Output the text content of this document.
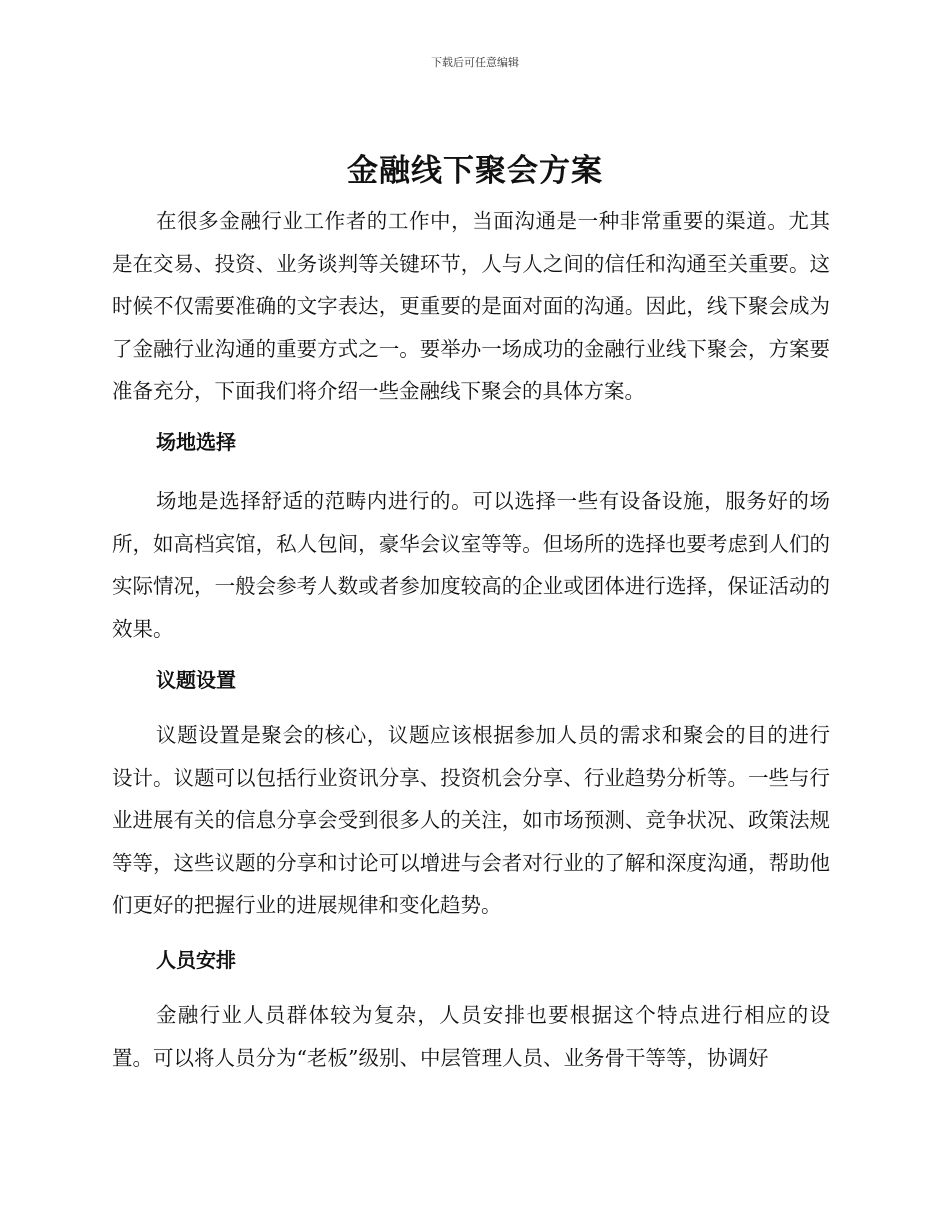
下载后可任意编辑
金融线下聚会方案

在很多金融行业工作者的工作中，当面沟通是一种非常重要的渠道。尤其是在交易、投资、业务谈判等关键环节，人与人之间的信任和沟通至关重要。这时候不仅需要准确的文字表达，更重要的是面对面的沟通。因此，线下聚会成为了金融行业沟通的重要方式之一。要举办一场成功的金融行业线下聚会，方案要准备充分，下面我们将介绍一些金融线下聚会的具体方案。

场地选择

场地是选择舒适的范畴内进行的。可以选择一些有设备设施，服务好的场所，如高档宾馆，私人包间，豪华会议室等等。但场所的选择也要考虑到人们的实际情况，一般会参考人数或者参加度较高的企业或团体进行选择，保证活动的效果。

议题设置

议题设置是聚会的核心，议题应该根据参加人员的需求和聚会的目的进行设计。议题可以包括行业资讯分享、投资机会分享、行业趋势分析等。一些与行业进展有关的信息分享会受到很多人的关注，如市场预测、竞争状况、政策法规等等，这些议题的分享和讨论可以增进与会者对行业的了解和深度沟通，帮助他们更好的把握行业的进展规律和变化趋势。

人员安排

金融行业人员群体较为复杂，人员安排也要根据这个特点进行相应的设置。可以将人员分为“老板”级别、中层管理人员、业务骨干等等，协调好
